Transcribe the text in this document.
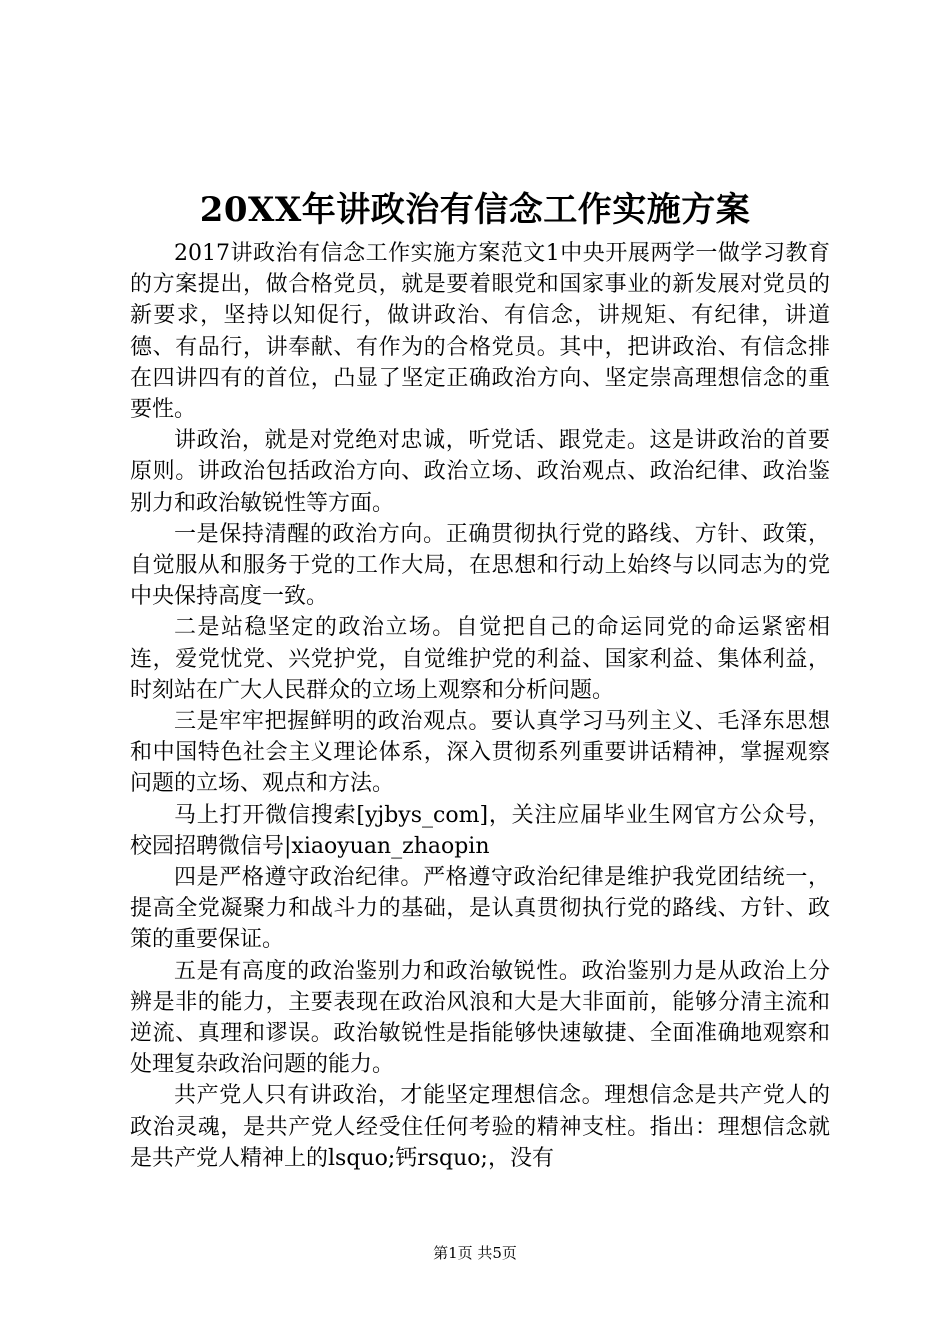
20XX年讲政治有信念工作实施方案

2017讲政治有信念工作实施方案范文1中央开展两学一做学习教育的方案提出，做合格党员，就是要着眼党和国家事业的新发展对党员的新要求，坚持以知促行，做讲政治、有信念，讲规矩、有纪律，讲道德、有品行，讲奉献、有作为的合格党员。其中，把讲政治、有信念排在四讲四有的首位，凸显了坚定正确政治方向、坚定崇高理想信念的重要性。

讲政治，就是对党绝对忠诚，听党话、跟党走。这是讲政治的首要原则。讲政治包括政治方向、政治立场、政治观点、政治纪律、政治鉴别力和政治敏锐性等方面。

一是保持清醒的政治方向。正确贯彻执行党的路线、方针、政策，自觉服从和服务于党的工作大局，在思想和行动上始终与以同志为的党中央保持高度一致。

二是站稳坚定的政治立场。自觉把自己的命运同党的命运紧密相连，爱党忧党、兴党护党，自觉维护党的利益、国家利益、集体利益，时刻站在广大人民群众的立场上观察和分析问题。

三是牢牢把握鲜明的政治观点。要认真学习马列主义、毛泽东思想和中国特色社会主义理论体系，深入贯彻系列重要讲话精神，掌握观察问题的立场、观点和方法。

马上打开微信搜索[yjbys_com]，关注应届毕业生网官方公众号，校园招聘微信号|xiaoyuan_zhaopin

四是严格遵守政治纪律。严格遵守政治纪律是维护我党团结统一，提高全党凝聚力和战斗力的基础，是认真贯彻执行党的路线、方针、政策的重要保证。

五是有高度的政治鉴别力和政治敏锐性。政治鉴别力是从政治上分辨是非的能力，主要表现在政治风浪和大是大非面前，能够分清主流和逆流、真理和谬误。政治敏锐性是指能够快速敏捷、全面准确地观察和处理复杂政治问题的能力。

共产党人只有讲政治，才能坚定理想信念。理想信念是共产党人的政治灵魂，是共产党人经受住任何考验的精神支柱。指出：理想信念就是共产党人精神上的lsquo;钙rsquo;，没有

第1页 共5页
